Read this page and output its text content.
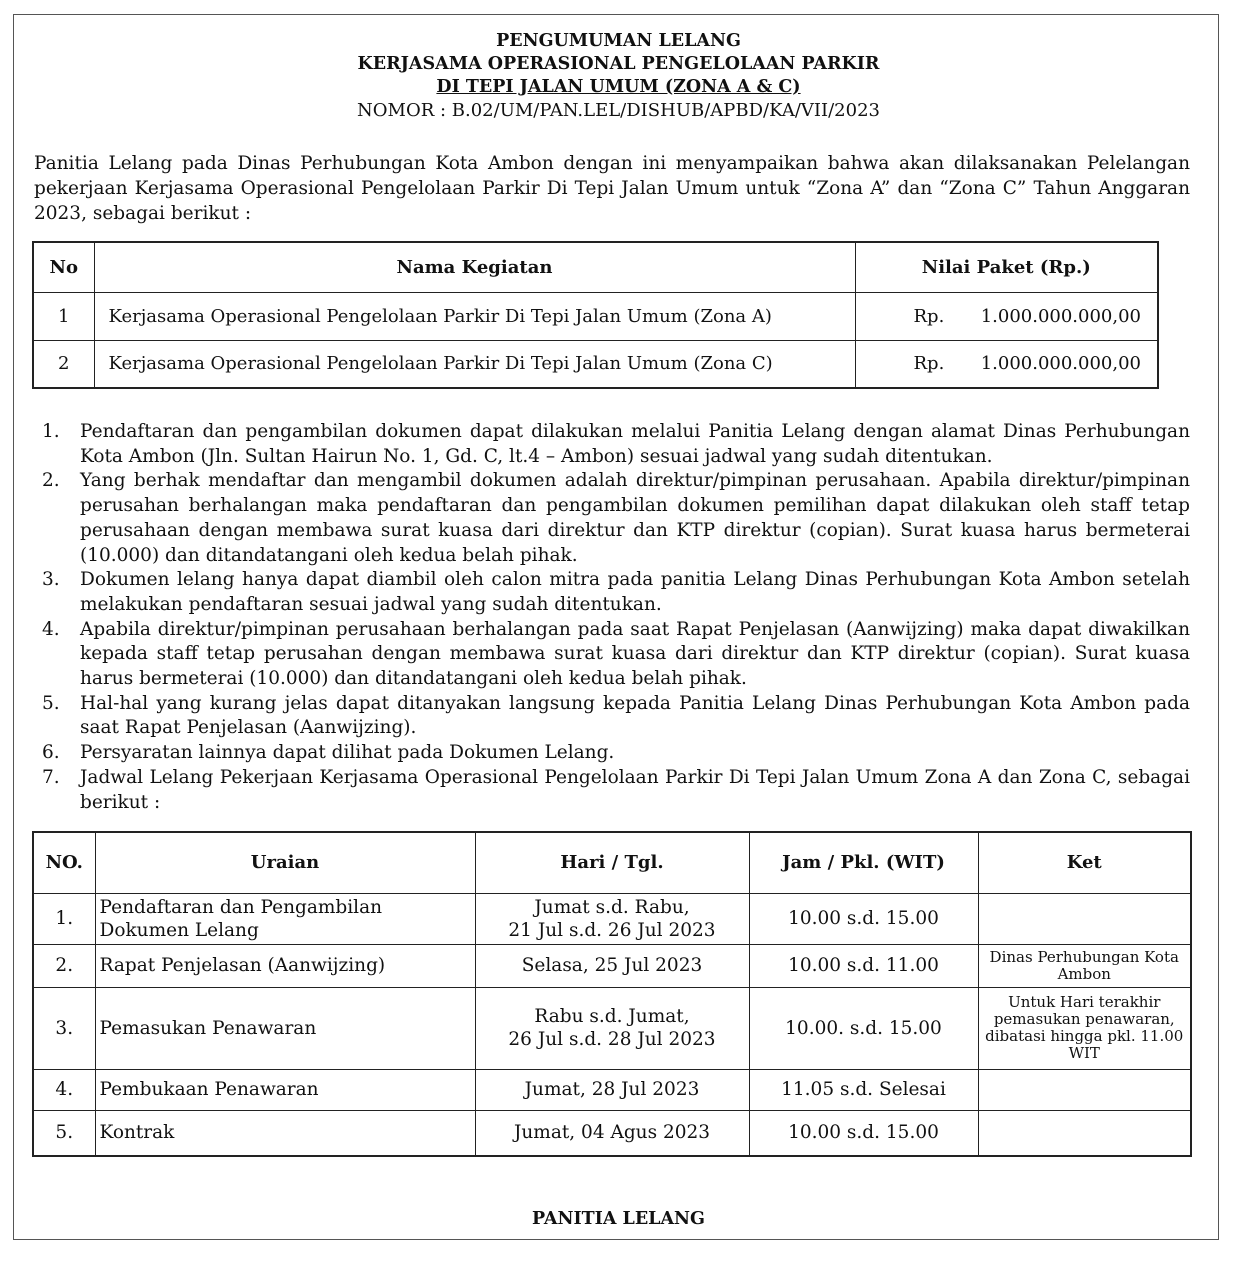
PENGUMUMAN LELANG
KERJASAMA OPERASIONAL PENGELOLAAN PARKIR
DI TEPI JALAN UMUM (ZONA A & C)
NOMOR : B.02/UM/PAN.LEL/DISHUB/APBD/KA/VII/2023

Panitia Lelang pada Dinas Perhubungan Kota Ambon dengan ini menyampaikan bahwa akan dilaksanakan Pelelangan pekerjaan Kerjasama Operasional Pengelolaan Parkir Di Tepi Jalan Umum untuk “Zona A” dan “Zona C” Tahun Anggaran 2023, sebagai berikut :

No	Nama Kegiatan	Nilai Paket (Rp.)
1	Kerjasama Operasional Pengelolaan Parkir Di Tepi Jalan Umum (Zona A)	Rp. 1.000.000.000,00

2	Kerjasama Operasional Pengelolaan Parkir Di Tepi Jalan Umum (Zona C)	Rp. 1.000.000.000,00
1.	Pendaftaran dan pengambilan dokumen dapat dilakukan melalui Panitia Lelang dengan alamat Dinas Perhubungan Kota Ambon (Jln. Sultan Hairun No. 1, Gd. C, lt.4 – Ambon) sesuai jadwal yang sudah ditentukan.
2.	Yang berhak mendaftar dan mengambil dokumen adalah direktur/pimpinan perusahaan. Apabila direktur/pimpinan perusahan berhalangan maka pendaftaran dan pengambilan dokumen pemilihan dapat dilakukan oleh staff tetap perusahaan dengan membawa surat kuasa dari direktur dan KTP direktur (copian). Surat kuasa harus bermeterai (10.000) dan ditandatangani oleh kedua belah pihak.
3.	Dokumen lelang hanya dapat diambil oleh calon mitra pada panitia Lelang Dinas Perhubungan Kota Ambon setelah melakukan pendaftaran sesuai jadwal yang sudah ditentukan.
4.	Apabila direktur/pimpinan perusahaan berhalangan pada saat Rapat Penjelasan (Aanwijzing) maka dapat diwakilkan kepada staff tetap perusahan dengan membawa surat kuasa dari direktur dan KTP direktur (copian). Surat kuasa harus bermeterai (10.000) dan ditandatangani oleh kedua belah pihak.
5.	Hal-hal yang kurang jelas dapat ditanyakan langsung kepada Panitia Lelang Dinas Perhubungan Kota Ambon pada saat Rapat Penjelasan (Aanwijzing).
6.	Persyaratan lainnya dapat dilihat pada Dokumen Lelang.
7.	Jadwal Lelang Pekerjaan Kerjasama Operasional Pengelolaan Parkir Di Tepi Jalan Umum Zona A dan Zona C, sebagai berikut :
NO.	Uraian	Hari / Tgl.	Jam / Pkl. (WIT)	Ket
1.	Pendaftaran dan Pengambilan Dokumen Lelang	Jumat s.d. Rabu,
21 Jul s.d. 26 Jul 2023	10.00 s.d. 15.00	
2.	Rapat Penjelasan (Aanwijzing)	Selasa, 25 Jul 2023	10.00 s.d. 11.00	Dinas Perhubungan Kota Ambon
3.	Pemasukan Penawaran	Rabu s.d. Jumat,
26 Jul s.d. 28 Jul 2023	10.00. s.d. 15.00	Untuk Hari terakhir pemasukan penawaran, dibatasi hingga pkl. 11.00 WIT
4.	Pembukaan Penawaran	Jumat, 28 Jul 2023	11.05 s.d. Selesai	
5.	Kontrak	Jumat, 04 Agus 2023	10.00 s.d. 15.00	
PANITIA LELANG
